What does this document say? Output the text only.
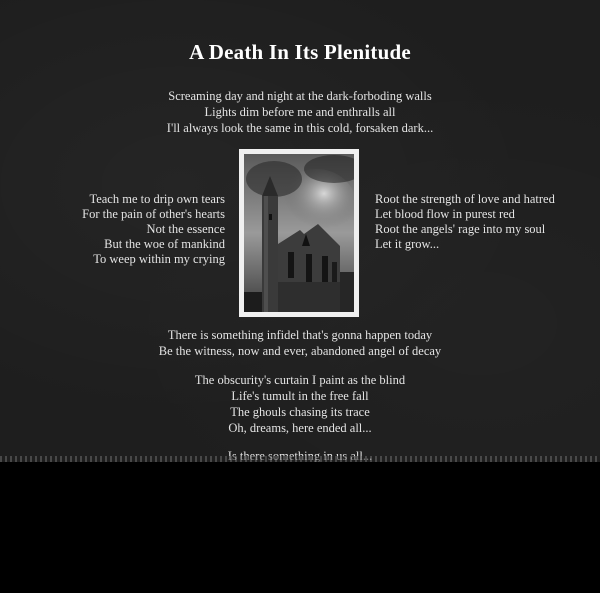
A Death In Its Plenitude
Screaming day and night at the dark-forboding walls
Lights dim before me and enthralls all
I'll always look the same in this cold, forsaken dark...
Teach me to drip own tears
For the pain of other's hearts
Not the essence
But the woe of mankind
To weep within my crying
Root the strength of love and hatred
Let blood flow in purest red
Root the angels' rage into my soul
Let it grow...
There is something infidel that's gonna happen today
Be the witness, now and ever, abandoned angel of decay
The obscurity's curtain I paint as the blind
Life's tumult in the free fall
The ghouls chasing its trace
Oh, dreams, here ended all...
